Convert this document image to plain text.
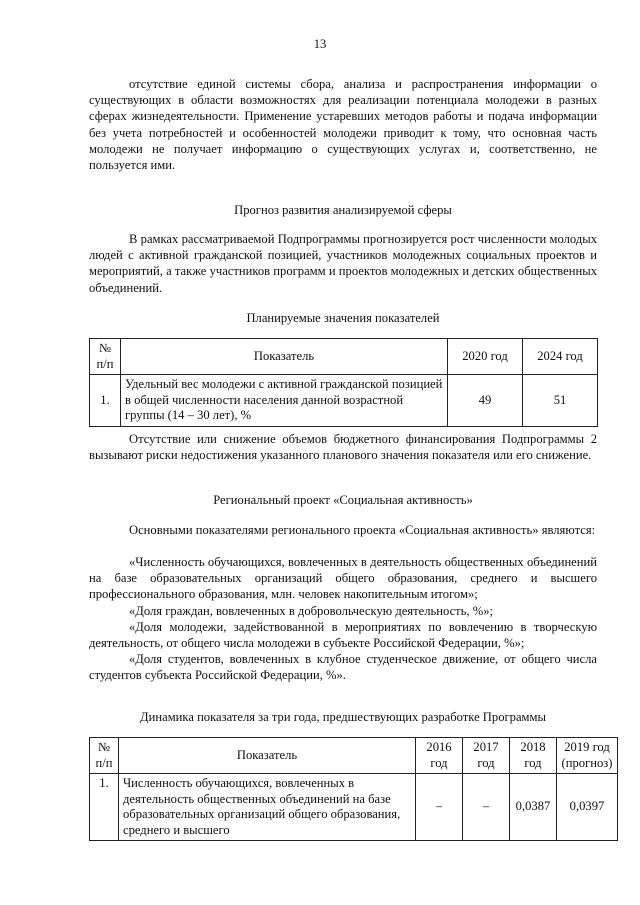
13

отсутствие единой системы сбора, анализа и распространения информации о существующих в области возможностях для реализации потенциала молодежи в разных сферах жизнедеятельности. Применение устаревших методов работы и подача информации без учета потребностей и особенностей молодежи приводит к тому, что основная часть молодежи не получает информацию о существующих услугах и, соответственно, не пользуется ими.

Прогноз развития анализируемой сферы

В рамках рассматриваемой Подпрограммы прогнозируется рост численности молодых людей с активной гражданской позицией, участников молодежных социальных проектов и мероприятий, а также участников программ и проектов молодежных и детских общественных объединений.

Планируемые значения показателей

№ п/п	Показатель	2020 год	2024 год
1.	Удельный вес молодежи с активной гражданской позицией в общей численности населения данной возрастной группы (14 – 30 лет), %	49	51

Отсутствие или снижение объемов бюджетного финансирования Подпрограммы 2 вызывают риски недостижения указанного планового значения показателя или его снижение.

Региональный проект «Социальная активность»

Основными показателями регионального проекта «Социальная активность» являются:

«Численность обучающихся, вовлеченных в деятельность общественных объединений на базе образовательных организаций общего образования, среднего и высшего профессионального образования, млн. человек накопительным итогом»;

«Доля граждан, вовлеченных в добровольческую деятельность, %»;

«Доля молодежи, задействованной в мероприятиях по вовлечению в творческую деятельность, от общего числа молодежи в субъекте Российской Федерации, %»;

«Доля студентов, вовлеченных в клубное студенческое движение, от общего числа студентов субъекта Российской Федерации, %».

Динамика показателя за три года, предшествующих разработке Программы

№ п/п	Показатель	2016 год	2017 год	2018 год	2019 год (прогноз)
1.	Численность обучающихся, вовлеченных в деятельность общественных объединений на базе образовательных организаций общего образования, среднего и высшего	–	–	0,0387	0,0397
